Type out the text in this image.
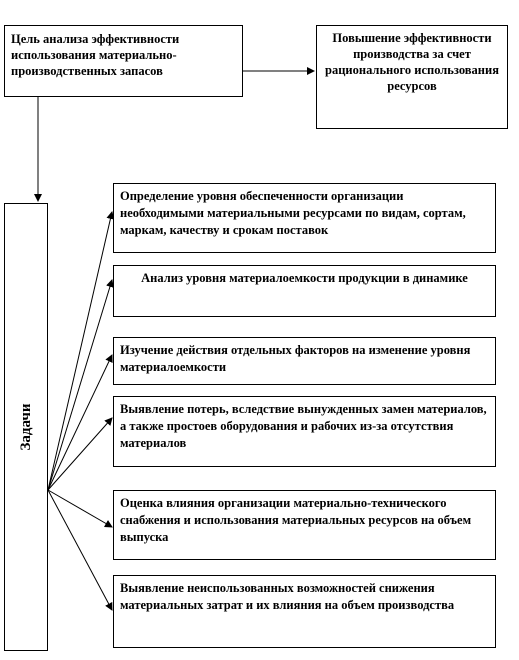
Цель анализа эффективности использования материально-производственных запасов
Повышение эффективности производства за счет рационального использования ресурсов
Задачи
Определение уровня обеспеченности организации необходимыми материальными ресурсами по видам, сортам, маркам, качеству и срокам поставок
Анализ уровня материалоемкости продукции в динамике
Изучение действия отдельных факторов на изменение уровня материалоемкости
Выявление потерь, вследствие вынужденных замен материалов, а также простоев оборудования и рабочих из-за отсутствия материалов
Оценка влияния организации материально-технического снабжения и использования материальных ресурсов на объем выпуска
Выявление неиспользованных возможностей снижения материальных затрат и их влияния на объем производства
